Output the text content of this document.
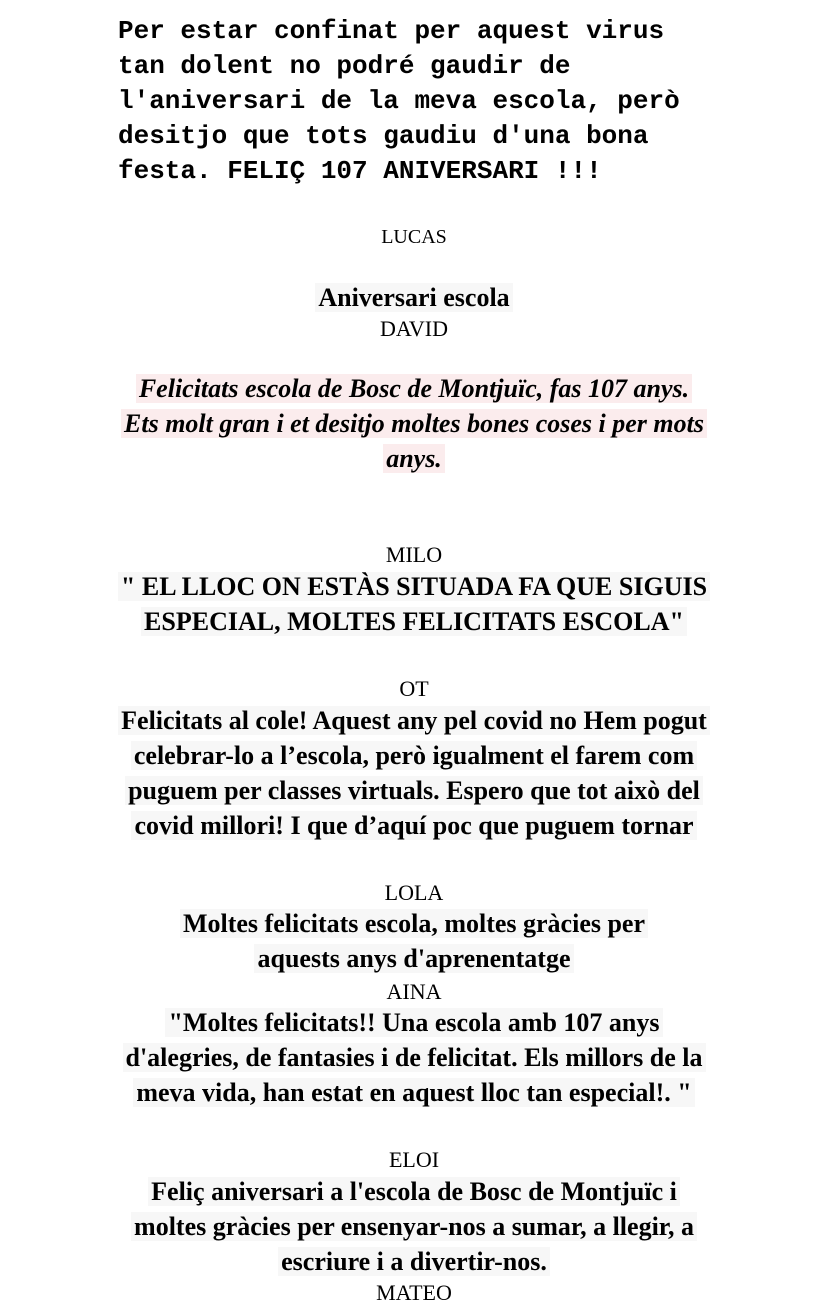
Per estar confinat per aquest virus tan dolent no podré gaudir de l'aniversari de la meva escola, però desitjo que tots gaudiu d'una bona festa. FELIÇ 107 ANIVERSARI !!!

LUCAS

Aniversari escola

DAVID

Felicitats escola de Bosc de Montjuïc, fas 107 anys.
Ets molt gran i et desitjo moltes bones coses i per mots anys.

MILO

" EL LLOC ON ESTÀS SITUADA FA QUE SIGUIS ESPECIAL, MOLTES FELICITATS ESCOLA"

OT

Felicitats al cole! Aquest any pel covid no Hem pogut celebrar-lo a l’escola, però igualment el farem com puguem per classes virtuals. Espero que tot això del covid millori! I que d’aquí poc que puguem tornar

LOLA

Moltes felicitats escola, moltes gràcies per aquests anys d'aprenentatge

AINA

"Moltes felicitats!! Una escola amb 107 anys d'alegries, de fantasies i de felicitat. Els millors de la meva vida, han estat en aquest lloc tan especial!. "

ELOI

Feliç aniversari a l'escola de Bosc de Montjuïc i moltes gràcies per ensenyar-nos a sumar, a llegir, a escriure i a divertir-nos.

MATEO
